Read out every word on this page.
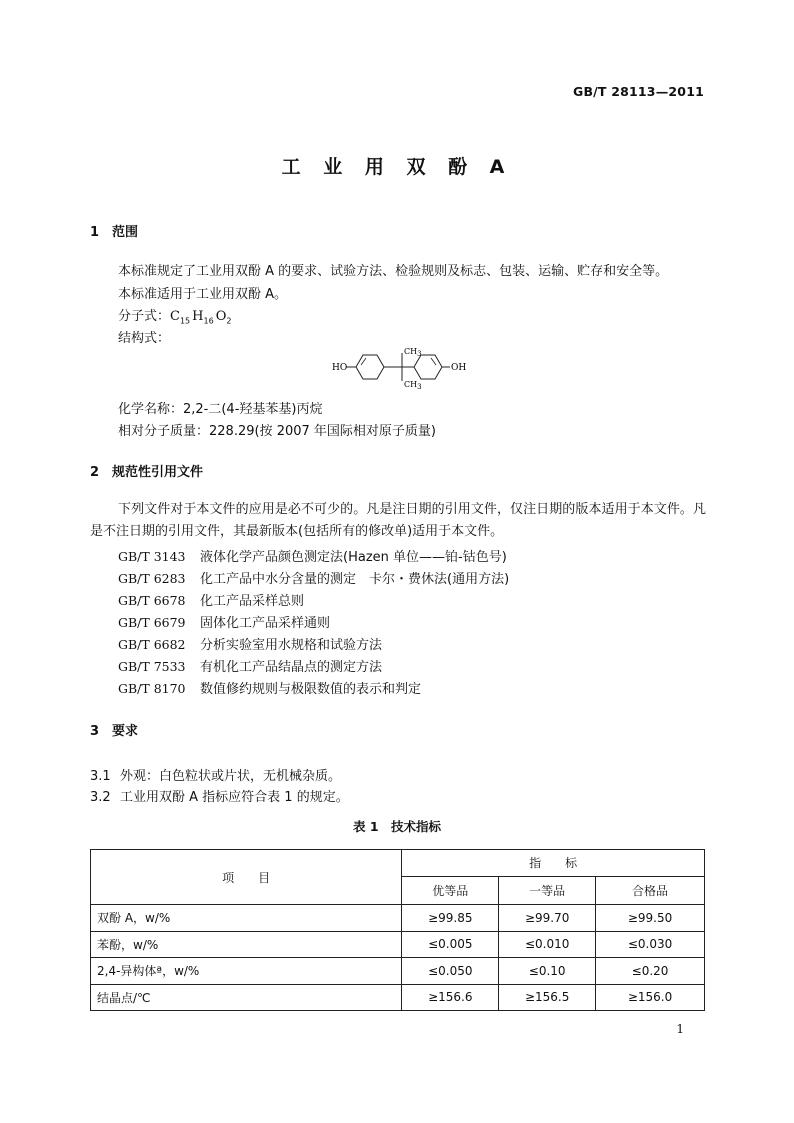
GB/T 28113—2011
工 业 用 双 酚 A
1 范围
本标准规定了工业用双酚 A 的要求、试验方法、检验规则及标志、包装、运输、贮存和安全等。
本标准适用于工业用双酚 A。
分子式：$C_{15}$ $H_{16}$ $O_2$
结构式：
HO
CH3
CH3
OH
化学名称：2,2-二(4-羟基苯基)丙烷
相对分子质量：228.29(按 2007 年国际相对原子质量)
2 规范性引用文件
下列文件对于本文件的应用是必不可少的。凡是注日期的引用文件，仅注日期的版本适用于本文件。凡是不注日期的引用文件，其最新版本(包括所有的修改单)适用于本文件。
GB/T 3143 液体化学产品颜色测定法(Hazen 单位——铂-钴色号)
GB/T 6283 化工产品中水分含量的测定　卡尔・费休法(通用方法)
GB/T 6678 化工产品采样总则
GB/T 6679 固体化工产品采样通则
GB/T 6682 分析实验室用水规格和试验方法
GB/T 7533 有机化工产品结晶点的测定方法
GB/T 8170 数值修约规则与极限数值的表示和判定
3 要求
3.1 外观：白色粒状或片状，无机械杂质。
3.2 工业用双酚 A 指标应符合表 1 的规定。
表 1　技术指标
项　　目	指　　标		
	优等品	一等品	合格品
双酚 A，w/%	≥99.85	≥99.70	≥99.50
苯酚，w/%	≤0.005	≤0.010	≤0.030
2,4-异构体ª，w/%	≤0.050	≤0.10	≤0.20
结晶点/℃	≥156.6	≥156.5	≥156.0
1
